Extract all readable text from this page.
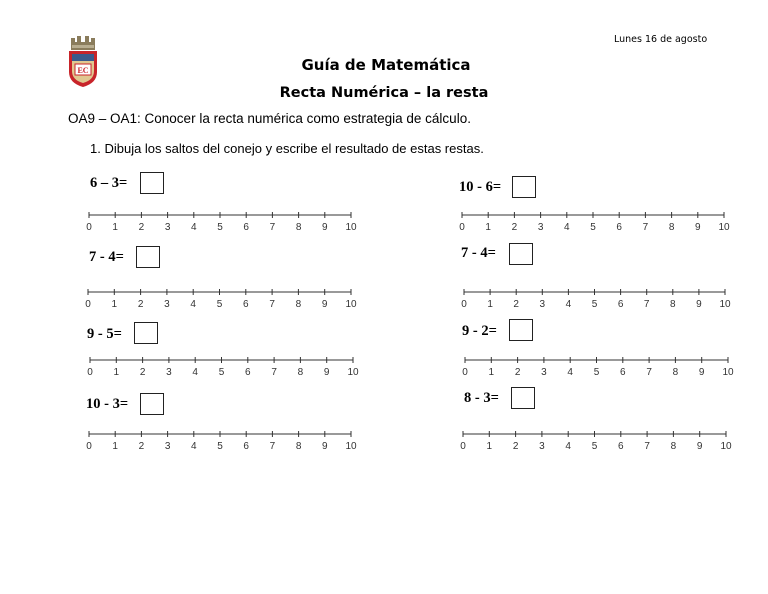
Lunes 16 de agosto
EC	Guía de Matemática
Recta Numérica – la resta
OA9 – OA1: Conocer la recta numérica como estrategia de cálculo.
1. Dibuja los saltos del conejo y escribe el resultado de estas restas.
6 – 3=
7 - 4=
9 - 5=
10 - 3=
10 - 6=
7 - 4=
9 - 2=
8 - 3=
0 1 2 3 4 5 6 7 8 9 10
0 1 2 3 4 5 6 7 8 9 10
0 1 2 3 4 5 6 7 8 9 10
0 1 2 3 4 5 6 7 8 9 10
0 1 2 3 4 5 6 7 8 9 10
0 1 2 3 4 5 6 7 8 9 10
0 1 2 3 4 5 6 7 8 9 10
0 1 2 3 4 5 6 7 8 9 10
